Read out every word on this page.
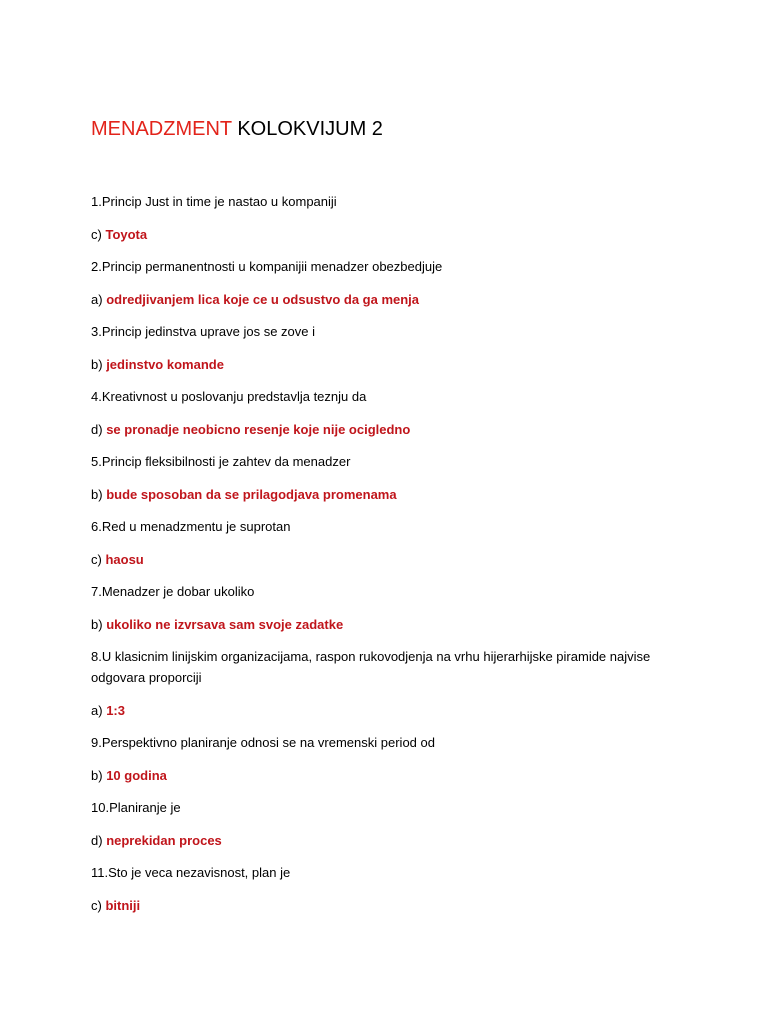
MENADZMENT KOLOKVIJUM 2
1.Princip Just in time je nastao u kompaniji
c) Toyota
2.Princip permanentnosti u kompanijii menadzer obezbedjuje
a) odredjivanjem lica koje ce u odsustvo da ga menja
3.Princip jedinstva uprave jos se zove i
b) jedinstvo komande
4.Kreativnost u poslovanju predstavlja teznju da
d) se pronadje neobicno resenje koje nije ocigledno
5.Princip fleksibilnosti je zahtev da menadzer
b) bude sposoban da se prilagodjava promenama
6.Red u menadzmentu je suprotan
c) haosu
7.Menadzer je dobar ukoliko
b) ukoliko ne izvrsava sam svoje zadatke
8.U klasicnim linijskim organizacijama, raspon rukovodjenja na vrhu hijerarhijske piramide najvise odgovara proporciji
a) 1:3
9.Perspektivno planiranje odnosi se na vremenski period od
b) 10 godina
10.Planiranje je
d) neprekidan proces
11.Sto je veca nezavisnost, plan je
c) bitniji
